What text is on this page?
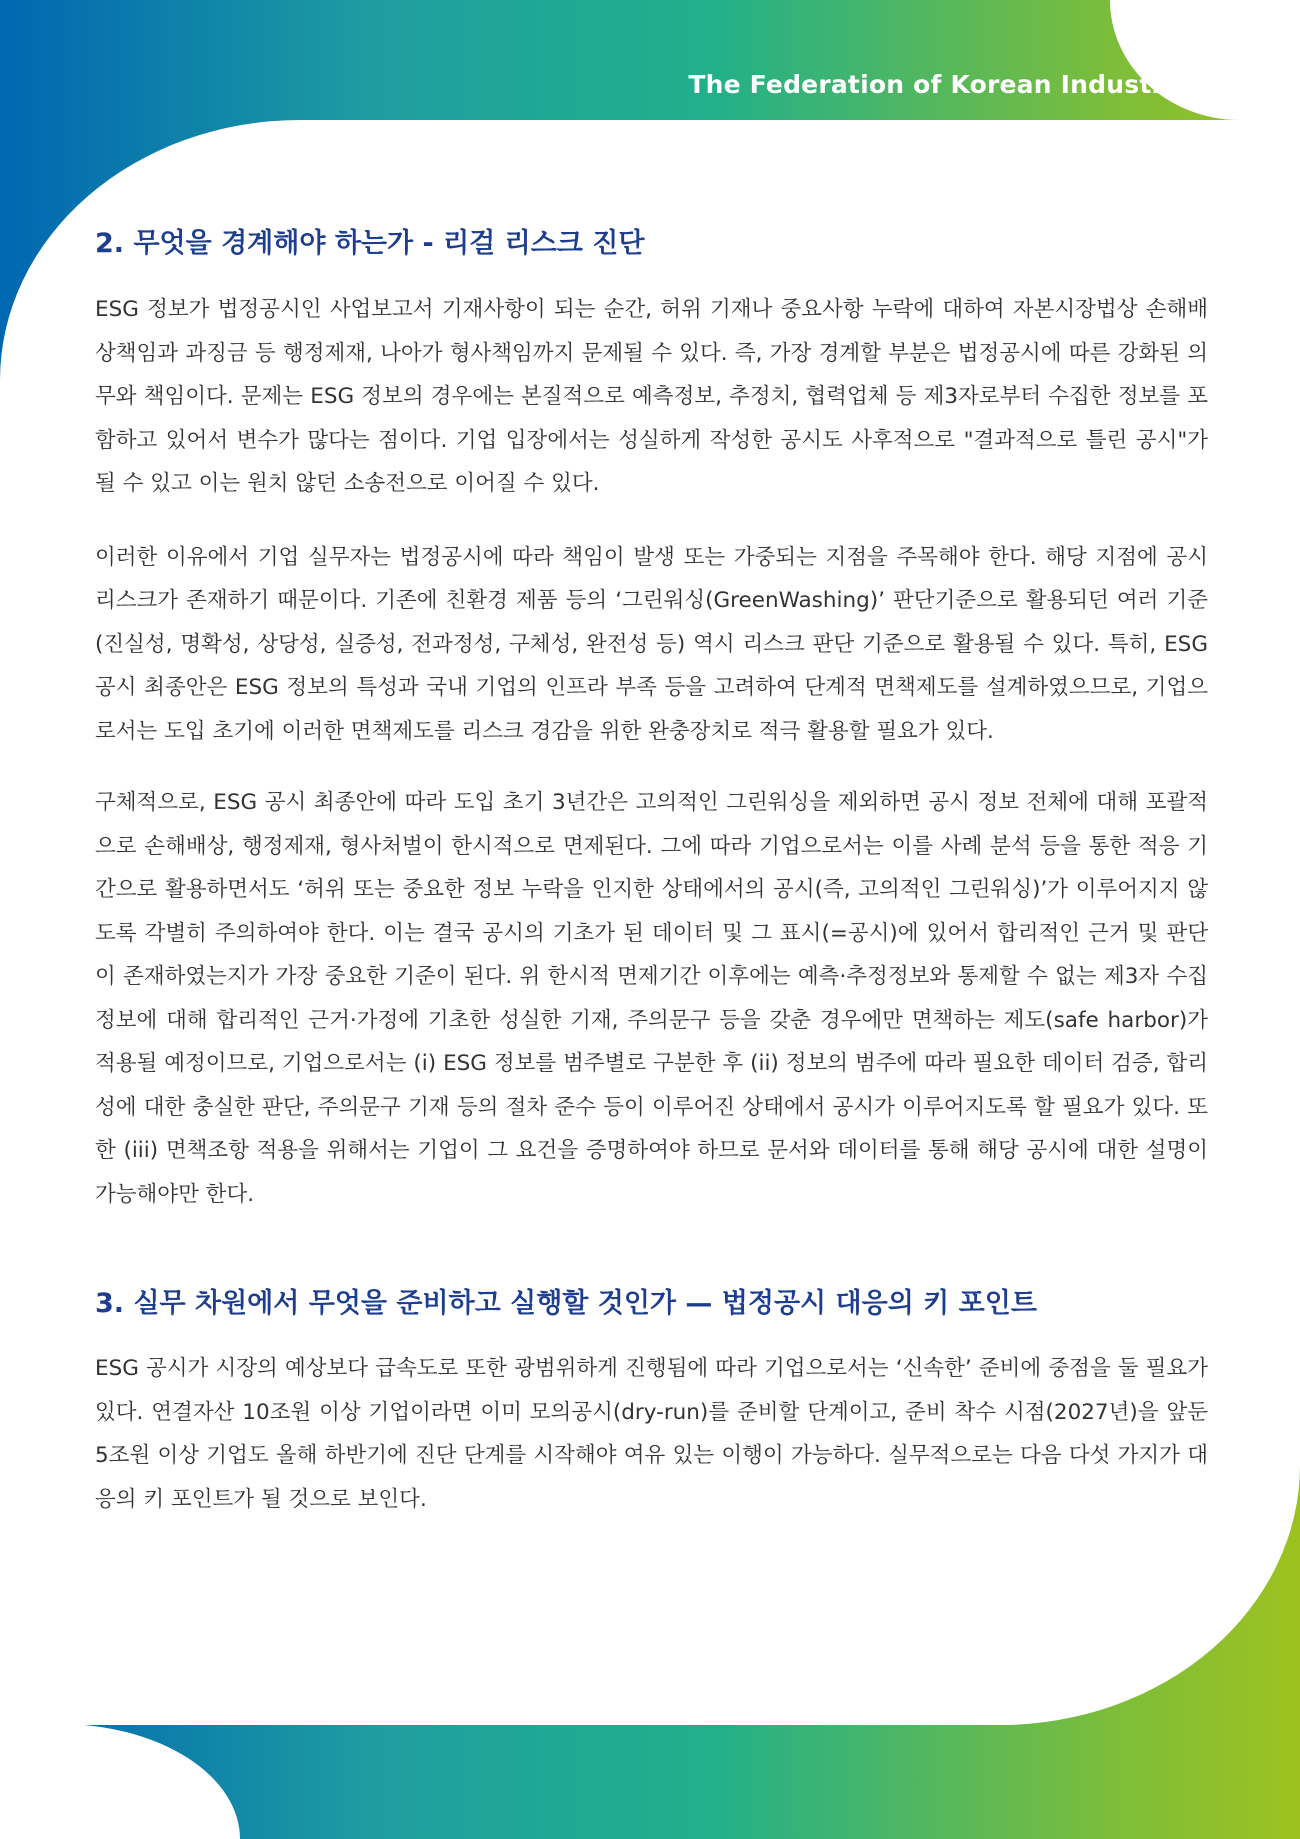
The Federation of Korean Industries
2. 무엇을 경계해야 하는가 - 리걸 리스크 진단

ESG 정보가 법정공시인 사업보고서 기재사항이 되는 순간, 허위 기재나 중요사항 누락에 대하여 자본시장법상 손해배상책임과 과징금 등 행정제재, 나아가 형사책임까지 문제될 수 있다. 즉, 가장 경계할 부분은 법정공시에 따른 강화된 의무와 책임이다. 문제는 ESG 정보의 경우에는 본질적으로 예측정보, 추정치, 협력업체 등 제3자로부터 수집한 정보를 포함하고 있어서 변수가 많다는 점이다. 기업 입장에서는 성실하게 작성한 공시도 사후적으로 "결과적으로 틀린 공시"가 될 수 있고 이는 원치 않던 소송전으로 이어질 수 있다.

이러한 이유에서 기업 실무자는 법정공시에 따라 책임이 발생 또는 가중되는 지점을 주목해야 한다. 해당 지점에 공시 리스크가 존재하기 때문이다. 기존에 친환경 제품 등의 ‘그린워싱(GreenWashing)’ 판단기준으로 활용되던 여러 기준(진실성, 명확성, 상당성, 실증성, 전과정성, 구체성, 완전성 등) 역시 리스크 판단 기준으로 활용될 수 있다. 특히, ESG 공시 최종안은 ESG 정보의 특성과 국내 기업의 인프라 부족 등을 고려하여 단계적 면책제도를 설계하였으므로, 기업으로서는 도입 초기에 이러한 면책제도를 리스크 경감을 위한 완충장치로 적극 활용할 필요가 있다.

구체적으로, ESG 공시 최종안에 따라 도입 초기 3년간은 고의적인 그린워싱을 제외하면 공시 정보 전체에 대해 포괄적으로 손해배상, 행정제재, 형사처벌이 한시적으로 면제된다. 그에 따라 기업으로서는 이를 사례 분석 등을 통한 적응 기간으로 활용하면서도 ‘허위 또는 중요한 정보 누락을 인지한 상태에서의 공시(즉, 고의적인 그린워싱)’가 이루어지지 않도록 각별히 주의하여야 한다. 이는 결국 공시의 기초가 된 데이터 및 그 표시(=공시)에 있어서 합리적인 근거 및 판단이 존재하였는지가 가장 중요한 기준이 된다. 위 한시적 면제기간 이후에는 예측·추정정보와 통제할 수 없는 제3자 수집 정보에 대해 합리적인 근거·가정에 기초한 성실한 기재, 주의문구 등을 갖춘 경우에만 면책하는 제도(safe harbor)가 적용될 예정이므로, 기업으로서는 (i) ESG 정보를 범주별로 구분한 후 (ii) 정보의 범주에 따라 필요한 데이터 검증, 합리성에 대한 충실한 판단, 주의문구 기재 등의 절차 준수 등이 이루어진 상태에서 공시가 이루어지도록 할 필요가 있다. 또한 (iii) 면책조항 적용을 위해서는 기업이 그 요건을 증명하여야 하므로 문서와 데이터를 통해 해당 공시에 대한 설명이 가능해야만 한다.

3. 실무 차원에서 무엇을 준비하고 실행할 것인가 — 법정공시 대응의 키 포인트

ESG 공시가 시장의 예상보다 급속도로 또한 광범위하게 진행됨에 따라 기업으로서는 ‘신속한’ 준비에 중점을 둘 필요가 있다. 연결자산 10조원 이상 기업이라면 이미 모의공시(dry-run)를 준비할 단계이고, 준비 착수 시점(2027년)을 앞둔 5조원 이상 기업도 올해 하반기에 진단 단계를 시작해야 여유 있는 이행이 가능하다. 실무적으로는 다음 다섯 가지가 대응의 키 포인트가 될 것으로 보인다.
